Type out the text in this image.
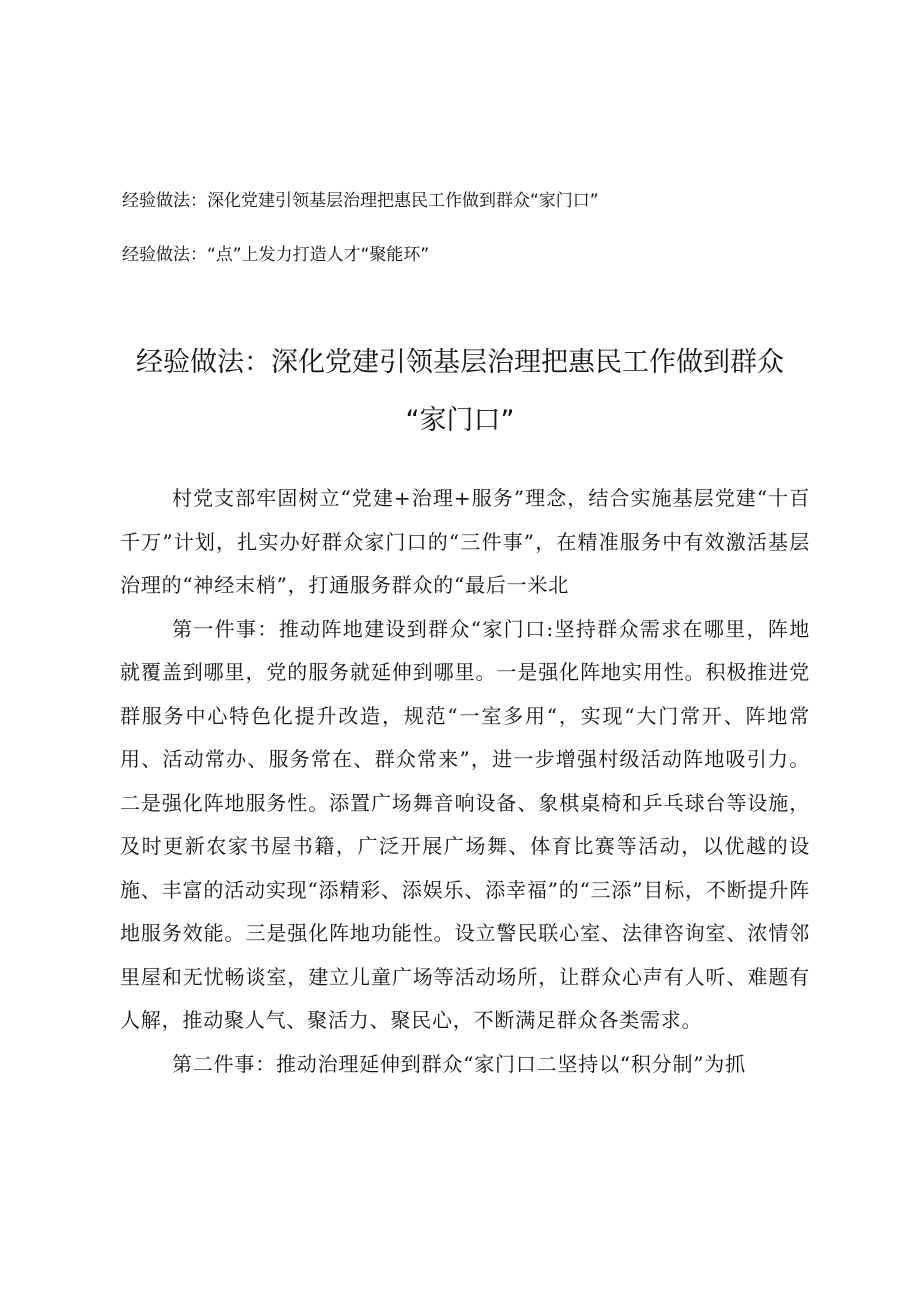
经验做法：深化党建引领基层治理把惠民工作做到群众“家门口”
经验做法：“点”上发力打造人才“聚能环”
经验做法：深化党建引领基层治理把惠民工作做到群众
“家门口”

村党支部牢固树立“党建+治理+服务”理念，结合实施基层党建“十百千万”计划，扎实办好群众家门口的“三件事”，在精准服务中有效激活基层治理的“神经末梢”，打通服务群众的“最后一米北

第一件事：推动阵地建设到群众“家门口:坚持群众需求在哪里，阵地就覆盖到哪里，党的服务就延伸到哪里。一是强化阵地实用性。积极推进党群服务中心特色化提升改造，规范“一室多用“，实现“大门常开、阵地常用、活动常办、服务常在、群众常来”，进一步增强村级活动阵地吸引力。二是强化阵地服务性。添置广场舞音响设备、象棋桌椅和乒乓球台等设施，及时更新农家书屋书籍，广泛开展广场舞、体育比赛等活动，以优越的设施、丰富的活动实现“添精彩、添娱乐、添幸福”的“三添”目标，不断提升阵地服务效能。三是强化阵地功能性。设立警民联心室、法律咨询室、浓情邻里屋和无忧畅谈室，建立儿童广场等活动场所，让群众心声有人听、难题有人解，推动聚人气、聚活力、聚民心，不断满足群众各类需求。

第二件事：推动治理延伸到群众“家门口二坚持以“积分制”为抓
